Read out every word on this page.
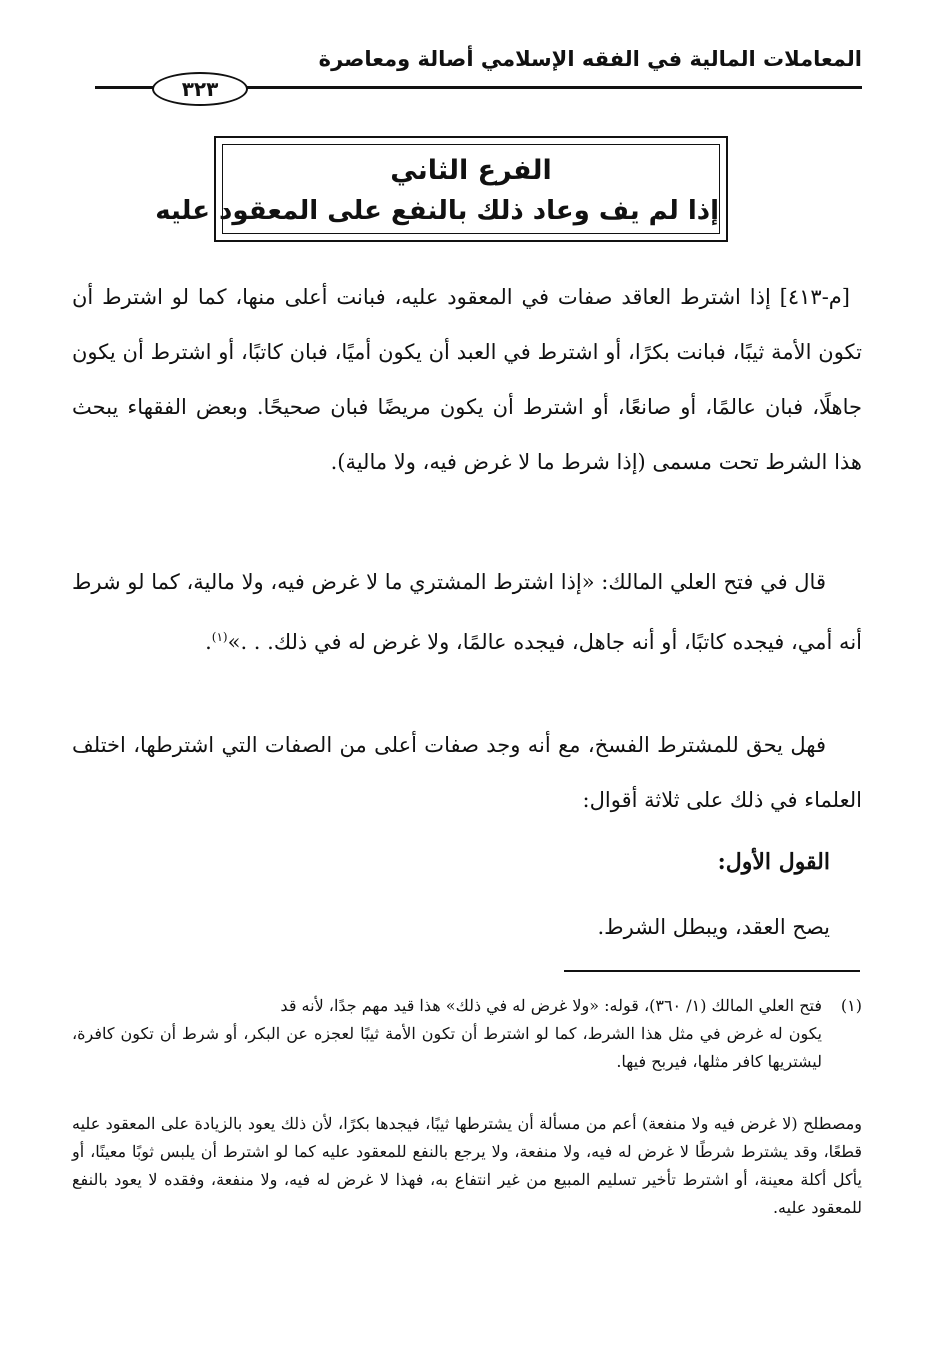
المعاملات المالية في الفقه الإسلامي أصالة ومعاصرة
٣٢٣
الفرع الثاني
إذا لم يف وعاد ذلك بالنفع على المعقود عليه

[م-٤١٣] إذا اشترط العاقد صفات في المعقود عليه، فبانت أعلى منها، كما لو اشترط أن تكون الأمة ثيبًا، فبانت بكرًا، أو اشترط في العبد أن يكون أميًا، فبان كاتبًا، أو اشترط أن يكون جاهلًا، فبان عالمًا، أو صانعًا، أو اشترط أن يكون مريضًا فبان صحيحًا. وبعض الفقهاء يبحث هذا الشرط تحت مسمى (إذا شرط ما لا غرض فيه، ولا مالية).

قال في فتح العلي المالك: «إذا اشترط المشتري ما لا غرض فيه، ولا مالية، كما لو شرط أنه أمي، فيجده كاتبًا، أو أنه جاهل، فيجده عالمًا، ولا غرض له في ذلك. . .»$^{(١)}$.

فهل يحق للمشترط الفسخ، مع أنه وجد صفات أعلى من الصفات التي اشترطها، اختلف العلماء في ذلك على ثلاثة أقوال:

القول الأول:
يصح العقد، ويبطل الشرط.
(١)فتح العلي المالك (١/ ٣٦٠)، قوله: «ولا غرض له في ذلك» هذا قيد مهم جدًا، لأنه قد
يكون له غرض في مثل هذا الشرط، كما لو اشترط أن تكون الأمة ثيبًا لعجزه عن البكر، أو شرط أن تكون كافرة، ليشتريها كافر مثلها، فيربح فيها.
ومصطلح (لا غرض فيه ولا منفعة) أعم من مسألة أن يشترطها ثيبًا، فيجدها بكرًا، لأن ذلك يعود بالزيادة على المعقود عليه قطعًا، وقد يشترط شرطًا لا غرض له فيه، ولا منفعة، ولا يرجع بالنفع للمعقود عليه كما لو اشترط أن يلبس ثوبًا معينًا، أو يأكل أكلة معينة، أو اشترط تأخير تسليم المبيع من غير انتفاع به، فهذا لا غرض له فيه، ولا منفعة، وفقده لا يعود بالنفع للمعقود عليه.
